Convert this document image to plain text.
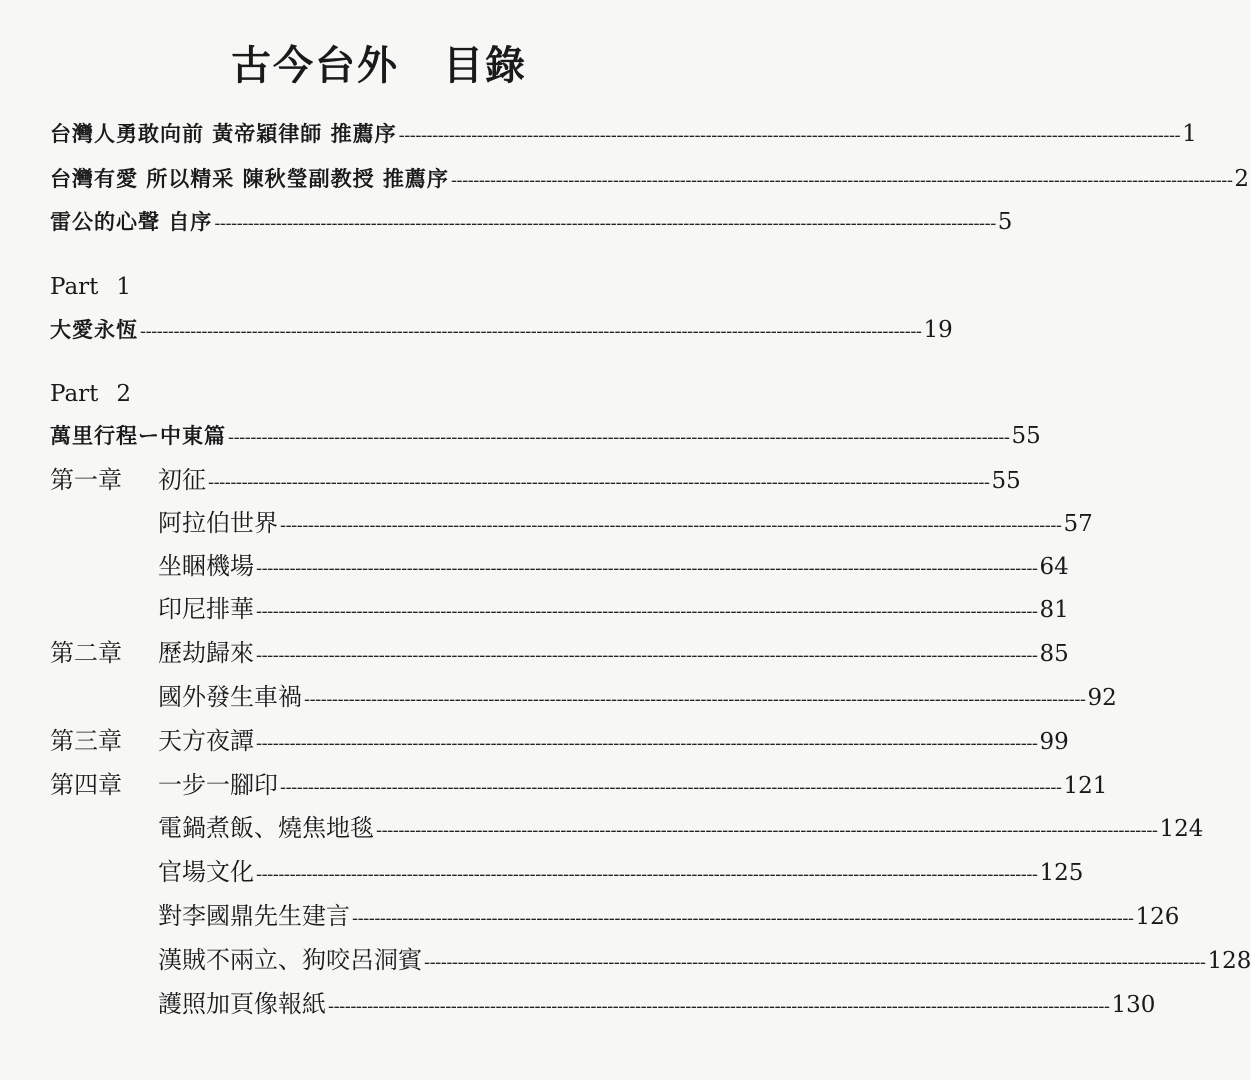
古今台外 目錄
台灣人勇敢向前 黃帝穎律師 推薦序 -------------------------------------------------------------------------------------------------------------------------------------------- 1
台灣有愛 所以精采 陳秋瑩副教授 推薦序 -------------------------------------------------------------------------------------------------------------------------------------------- 2
雷公的心聲 自序 -------------------------------------------------------------------------------------------------------------------------------------------- 5
Part 1
大愛永恆 -------------------------------------------------------------------------------------------------------------------------------------------- 19
Part 2
萬里行程ー中東篇 -------------------------------------------------------------------------------------------------------------------------------------------- 55
第一章	初征 -------------------------------------------------------------------------------------------------------------------------------------------- 55
阿拉伯世界 -------------------------------------------------------------------------------------------------------------------------------------------- 57
坐睏機場 -------------------------------------------------------------------------------------------------------------------------------------------- 64
印尼排華 -------------------------------------------------------------------------------------------------------------------------------------------- 81
第二章	歷劫歸來 -------------------------------------------------------------------------------------------------------------------------------------------- 85
國外發生車禍 -------------------------------------------------------------------------------------------------------------------------------------------- 92
第三章	天方夜譚 -------------------------------------------------------------------------------------------------------------------------------------------- 99
第四章	一步一腳印 -------------------------------------------------------------------------------------------------------------------------------------------- 121
電鍋煮飯、燒焦地毯 -------------------------------------------------------------------------------------------------------------------------------------------- 124
官場文化 -------------------------------------------------------------------------------------------------------------------------------------------- 125
對李國鼎先生建言 -------------------------------------------------------------------------------------------------------------------------------------------- 126
漢賊不兩立、狗咬呂洞賓 -------------------------------------------------------------------------------------------------------------------------------------------- 128
護照加頁像報紙 -------------------------------------------------------------------------------------------------------------------------------------------- 130
